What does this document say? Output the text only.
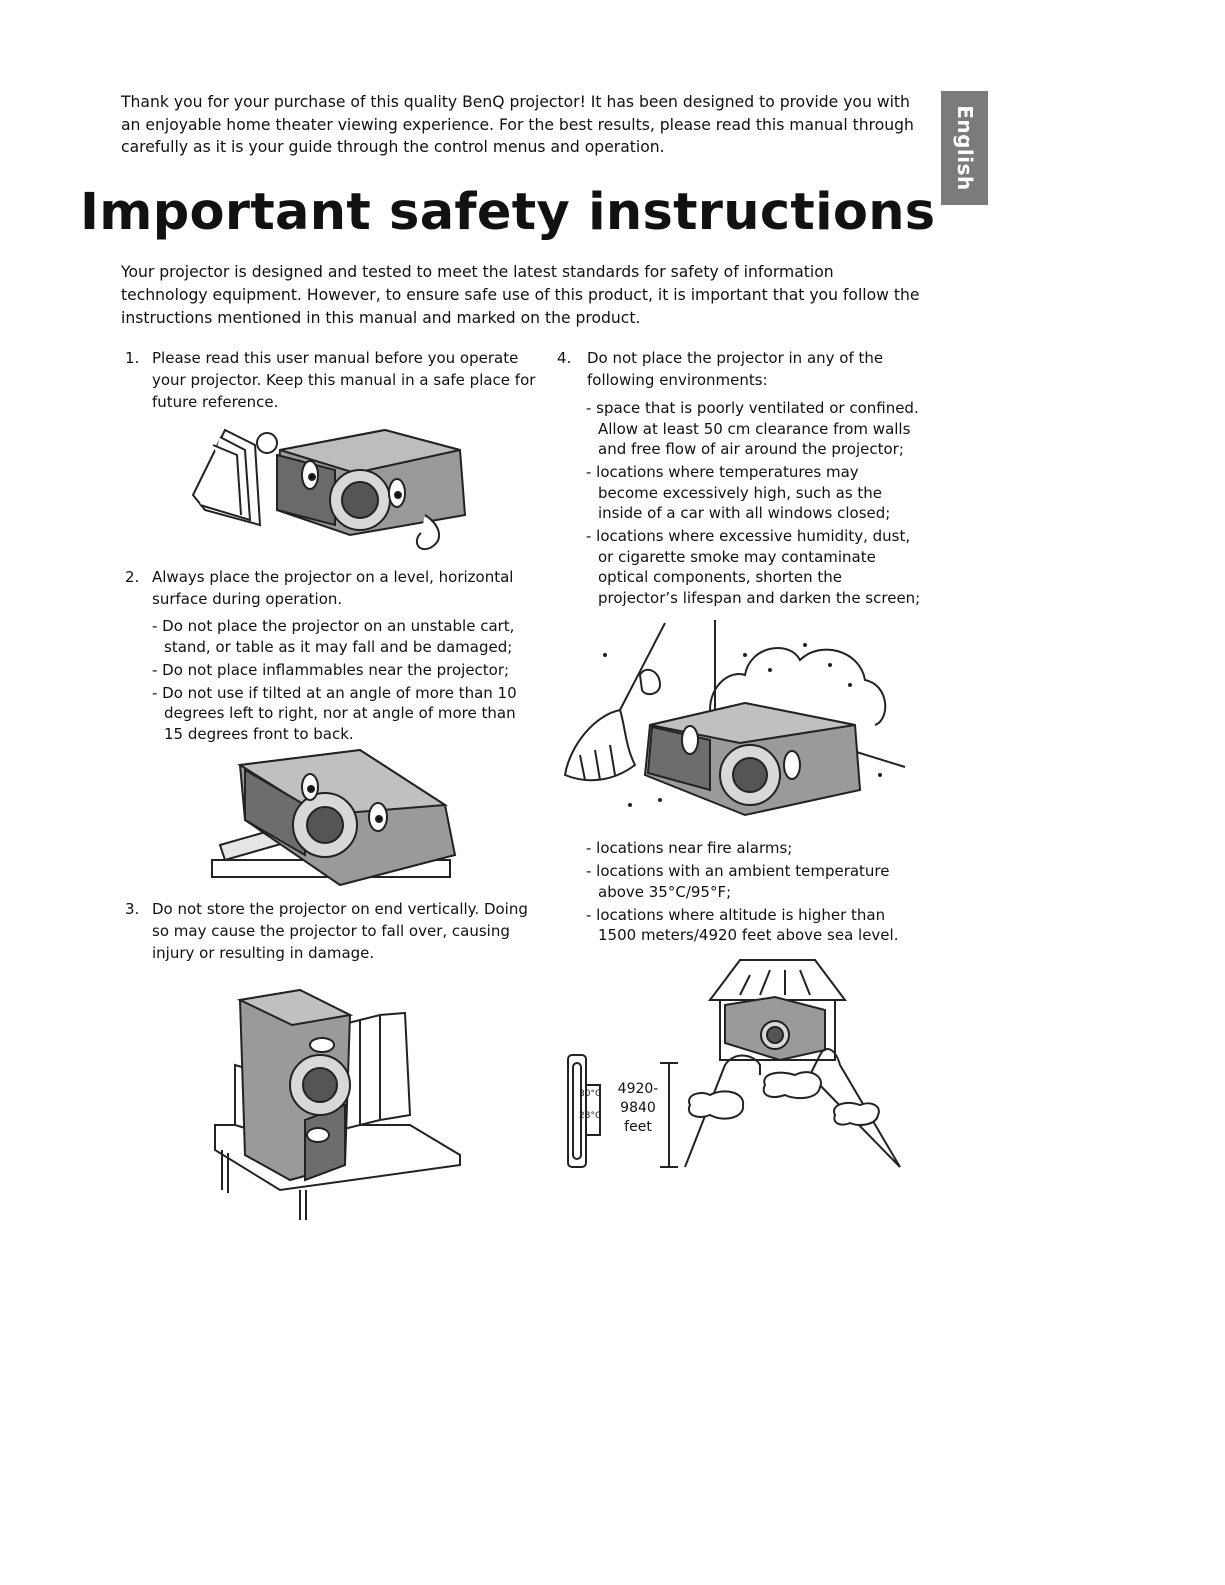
Thank you for your purchase of this quality BenQ projector! It has been designed to provide you with an enjoyable home theater viewing experience. For the best results, please read this manual through carefully as it is your guide through the control menus and operation.	English
Important safety instructions
Your projector is designed and tested to meet the latest standards for safety of information technology equipment. However, to ensure safe use of this product, it is important that you follow the instructions mentioned in this manual and marked on the product.
1. Please read this user manual before you operate your projector. Keep this manual in a safe place for future reference.
2. Always place the projector on a level, horizontal surface during operation.
- Do not place the projector on an unstable cart, stand, or table as it may fall and be damaged;
- Do not place inflammables near the projector;
- Do not use if tilted at an angle of more than 10 degrees left to right, nor at angle of more than 15 degrees front to back.
3. Do not store the projector on end vertically. Doing so may cause the projector to fall over, causing injury or resulting in damage.
4. Do not place the projector in any of the following environments:
- space that is poorly ventilated or confined. Allow at least 50 cm clearance from walls and free flow of air around the projector;
- locations where temperatures may become excessively high, such as the inside of a car with all windows closed;
- locations where excessive humidity, dust, or cigarette smoke may contaminate optical components, shorten the projector’s lifespan and darken the screen;
- locations near fire alarms;
- locations with an ambient temperature above 35°C/95°F;
- locations where altitude is higher than 1500 meters/4920 feet above sea level.
30°C
23°C
4920-
9840
feet
